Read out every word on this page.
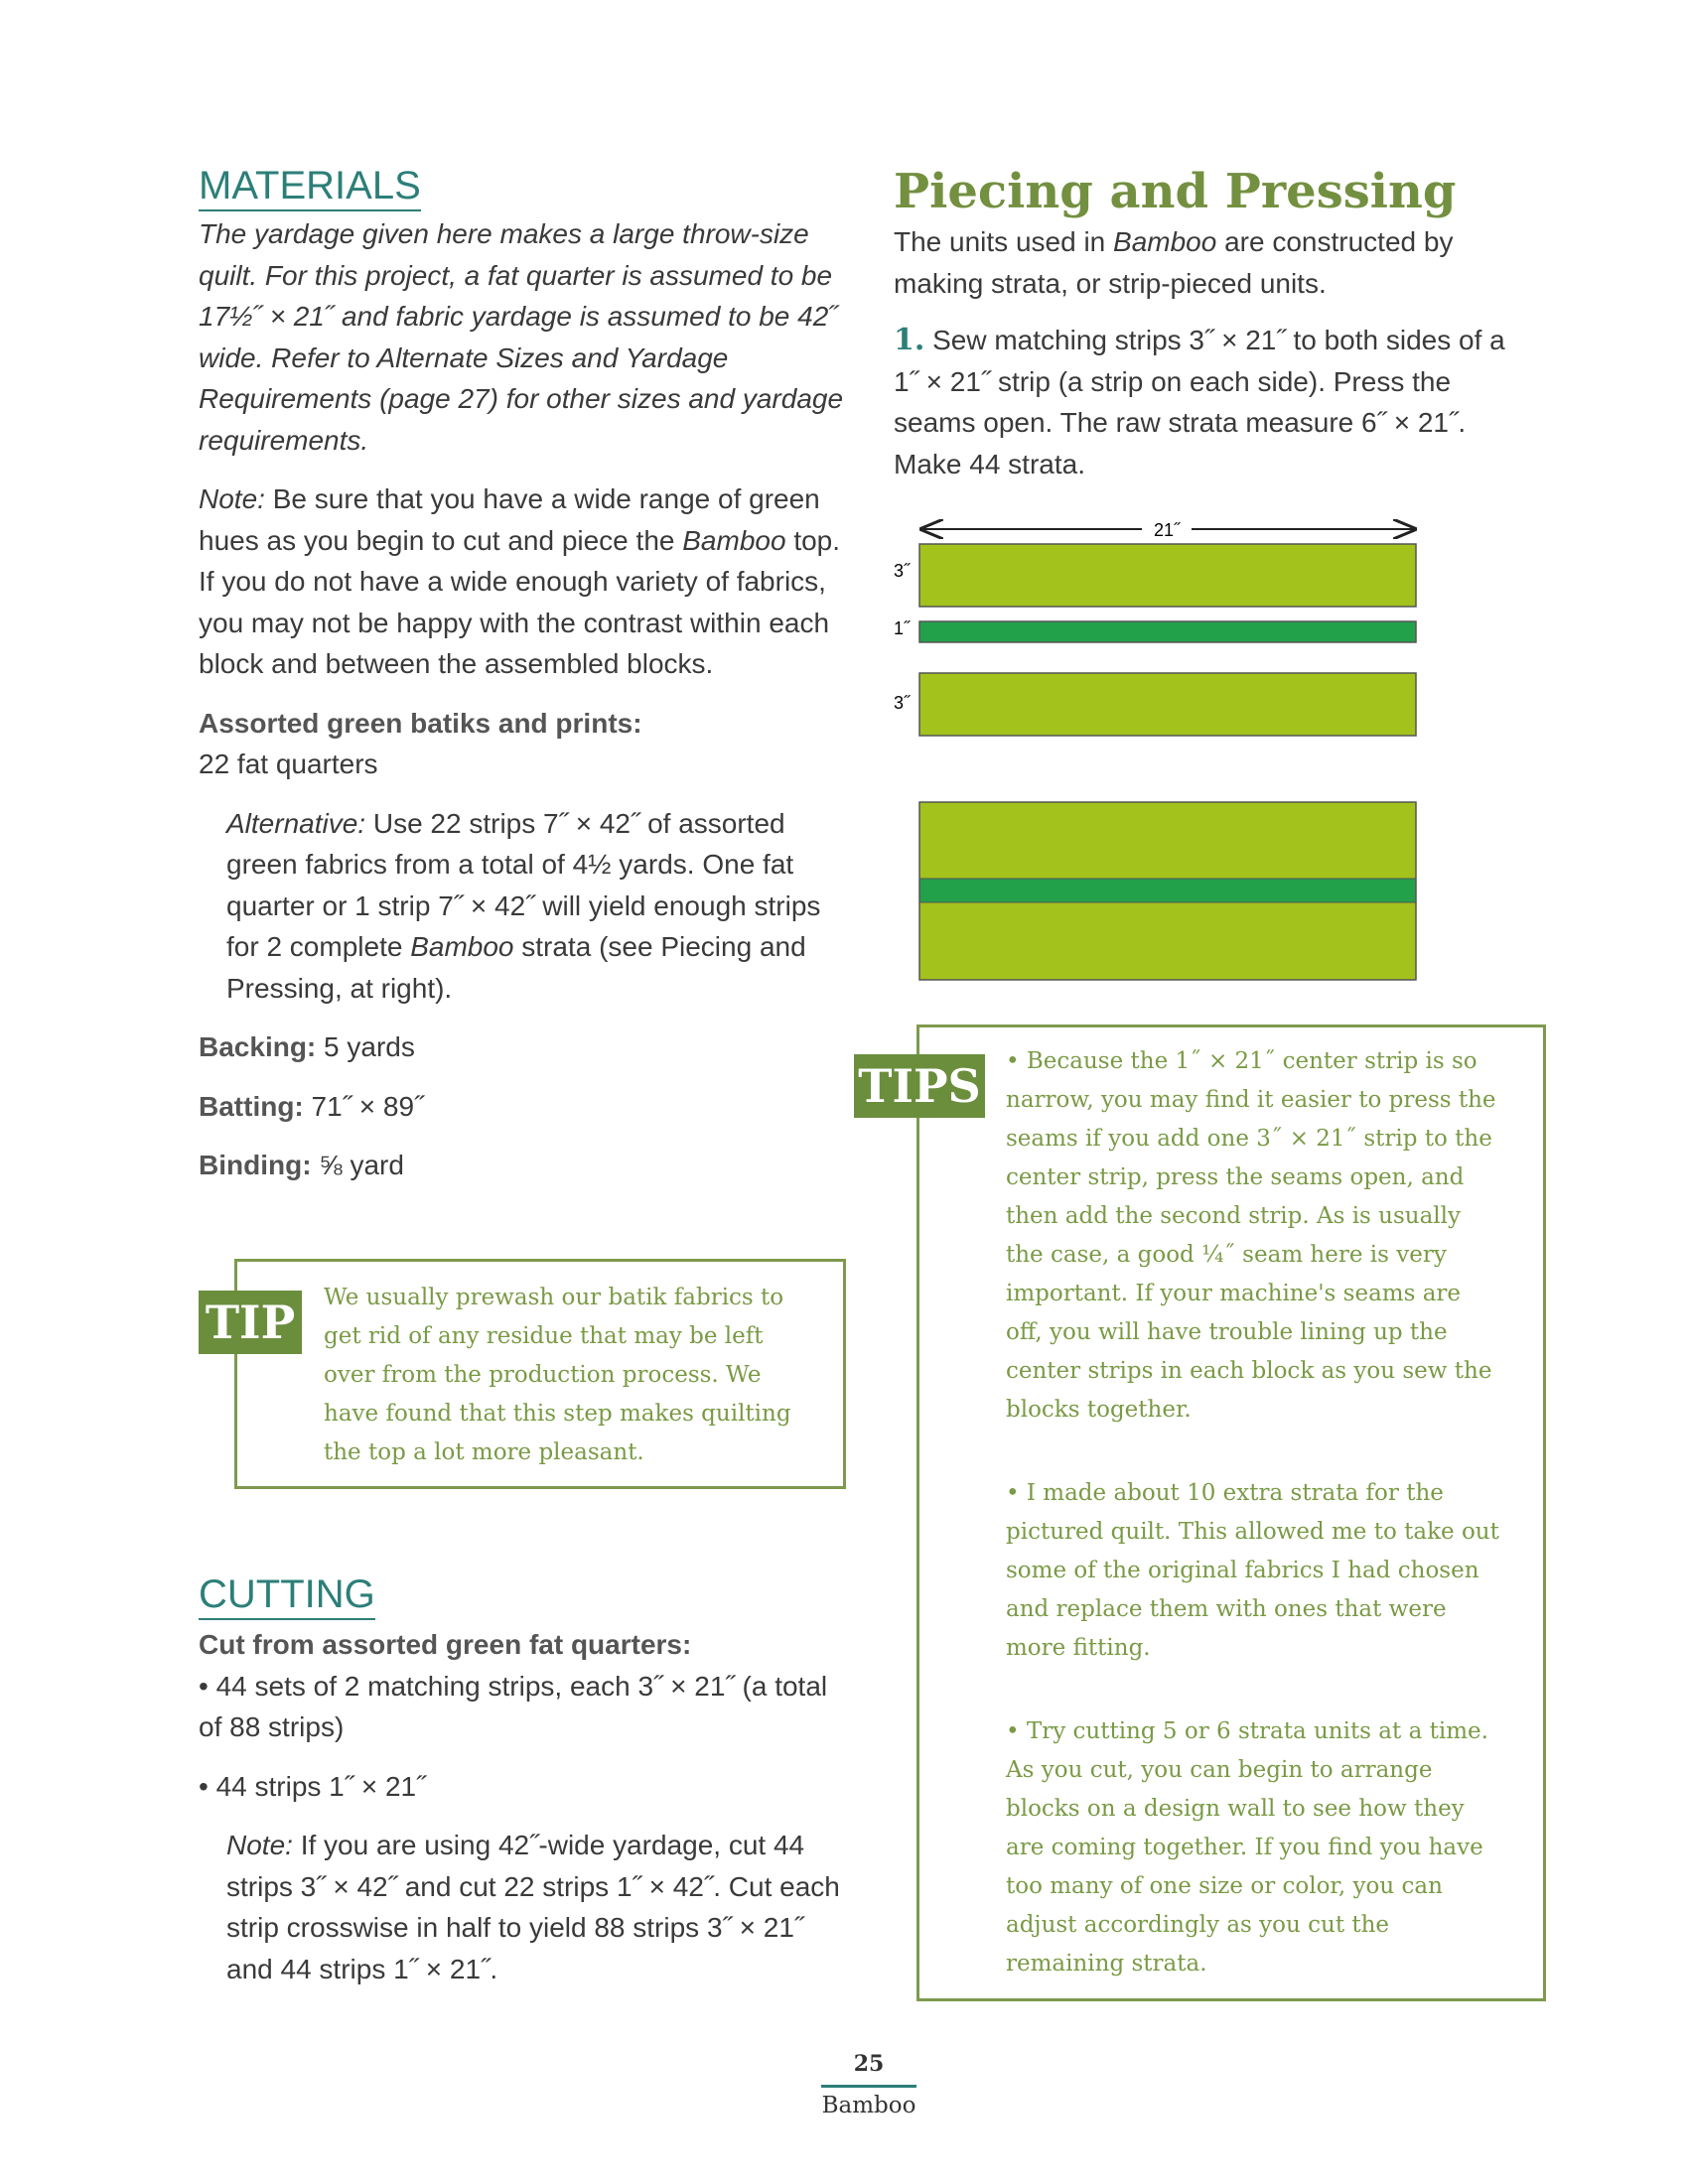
MATERIALS

The yardage given here makes a large throw-size quilt. For this project, a fat quarter is assumed to be 17½˝ × 21˝ and fabric yardage is assumed to be 42˝ wide. Refer to Alternate Sizes and Yardage Requirements (page 27) for other sizes and yardage requirements.

Note: Be sure that you have a wide range of green hues as you begin to cut and piece the Bamboo top. If you do not have a wide enough variety of fabrics, you may not be happy with the contrast within each block and between the assembled blocks.

Assorted green batiks and prints:
22 fat quarters

Alternative: Use 22 strips 7˝ × 42˝ of assorted green fabrics from a total of 4½ yards. One fat quarter or 1 strip 7˝ × 42˝ will yield enough strips for 2 complete Bamboo strata (see Piecing and Pressing, at right).

Backing: 5 yards

Batting: 71˝ × 89˝

Binding: ⅝ yard

TIP We usually prewash our batik fabrics to get rid of any residue that may be left over from the production process. We have found that this step makes quilting the top a lot more pleasant.

CUTTING

Cut from assorted green fat quarters:

• 44 sets of 2 matching strips, each 3˝ × 21˝ (a total of 88 strips)

• 44 strips 1˝ × 21˝

Note: If you are using 42˝-wide yardage, cut 44 strips 3˝ × 42˝ and cut 22 strips 1˝ × 42˝. Cut each strip crosswise in half to yield 88 strips 3˝ × 21˝ and 44 strips 1˝ × 21˝.

Piecing and Pressing

The units used in Bamboo are constructed by making strata, or strip-pieced units.

1. Sew matching strips 3˝ × 21˝ to both sides of a 1˝ × 21˝ strip (a strip on each side). Press the seams open. The raw strata measure 6˝ × 21˝. Make 44 strata.

21˝
3˝
1˝
3˝
TIPS • Because the 1˝ × 21˝ center strip is so narrow, you may find it easier to press the seams if you add one 3˝ × 21˝ strip to the center strip, press the seams open, and then add the second strip. As is usually the case, a good ¼˝ seam here is very important. If your machine's seams are off, you will have trouble lining up the center strips in each block as you sew the blocks together.

• I made about 10 extra strata for the pictured quilt. This allowed me to take out some of the original fabrics I had chosen and replace them with ones that were more fitting.

• Try cutting 5 or 6 strata units at a time. As you cut, you can begin to arrange blocks on a design wall to see how they are coming together. If you find you have too many of one size or color, you can adjust accordingly as you cut the remaining strata.

25
Bamboo
